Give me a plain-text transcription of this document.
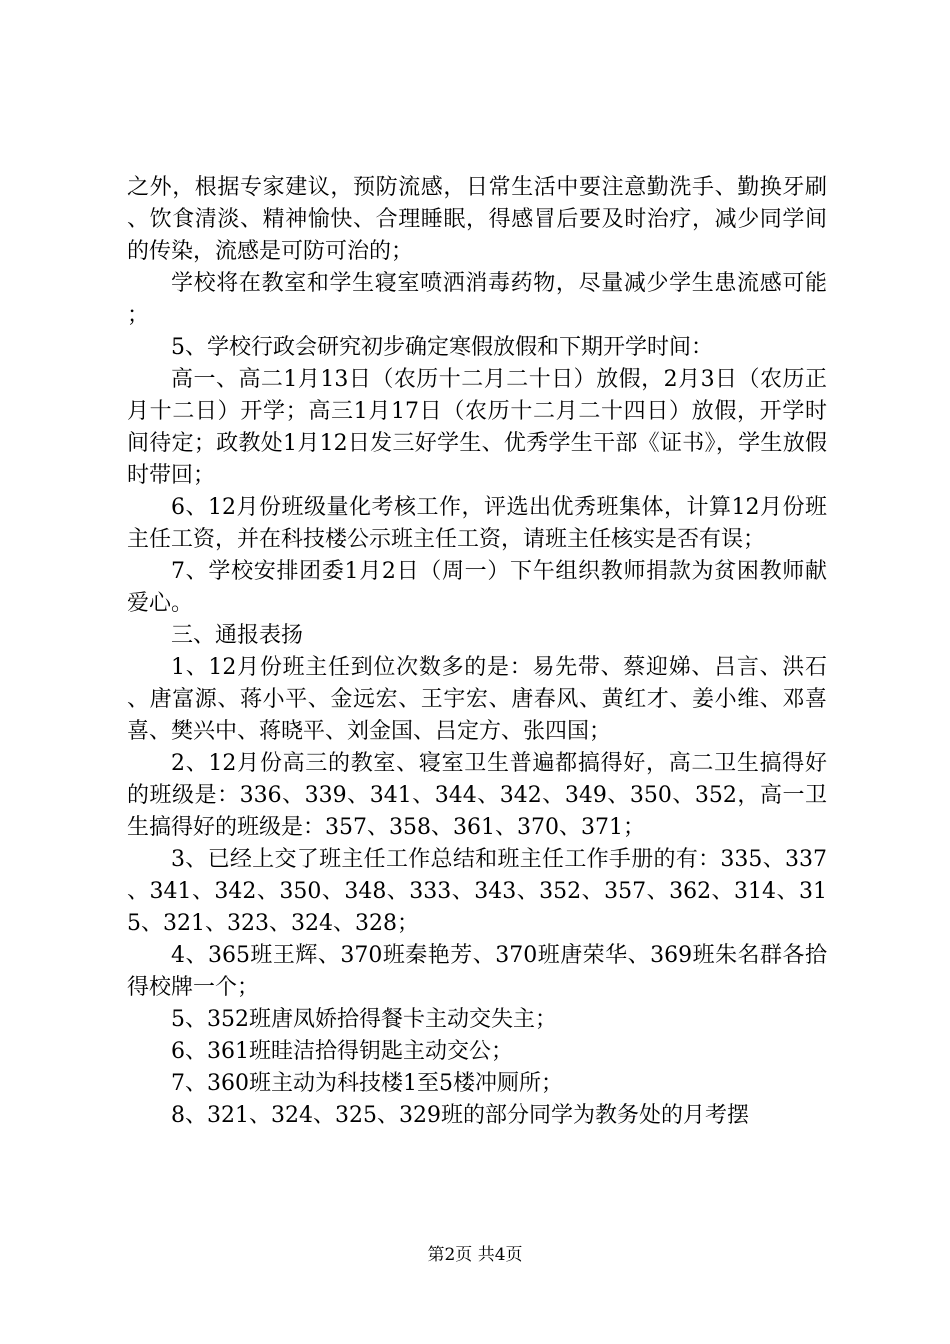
之外，根据专家建议，预防流感，日常生活中要注意勤洗手、勤换牙刷、饮食清淡、精神愉快、合理睡眠，得感冒后要及时治疗，减少同学间的传染，流感是可防可治的；

学校将在教室和学生寝室喷洒消毒药物，尽量减少学生患流感可能；

5、学校行政会研究初步确定寒假放假和下期开学时间：

高一、高二1月13日（农历十二月二十日）放假，2月3日（农历正月十二日）开学；高三1月17日（农历十二月二十四日）放假，开学时间待定；政教处1月12日发三好学生、优秀学生干部《证书》，学生放假时带回；

6、12月份班级量化考核工作，评选出优秀班集体，计算12月份班主任工资，并在科技楼公示班主任工资，请班主任核实是否有误；

7、学校安排团委1月2日（周一）下午组织教师捐款为贫困教师献爱心。

三、通报表扬

1、12月份班主任到位次数多的是：易先带、蔡迎娣、吕言、洪石、唐富源、蒋小平、金远宏、王宇宏、唐春风、黄红才、姜小维、邓喜喜、樊兴中、蒋晓平、刘金国、吕定方、张四国；

2、12月份高三的教室、寝室卫生普遍都搞得好，高二卫生搞得好的班级是：336、339、341、344、342、349、350、352，高一卫生搞得好的班级是：357、358、361、370、371；

3、已经上交了班主任工作总结和班主任工作手册的有：335、337、341、342、350、348、333、343、352、357、362、314、315、321、323、324、328；

4、365班王辉、370班秦艳芳、370班唐荣华、369班朱名群各拾得校牌一个；

5、352班唐凤娇拾得餐卡主动交失主；

6、361班眭洁拾得钥匙主动交公；

7、360班主动为科技楼1至5楼冲厕所；

8、321、324、325、329班的部分同学为教务处的月考摆

第2页 共4页
